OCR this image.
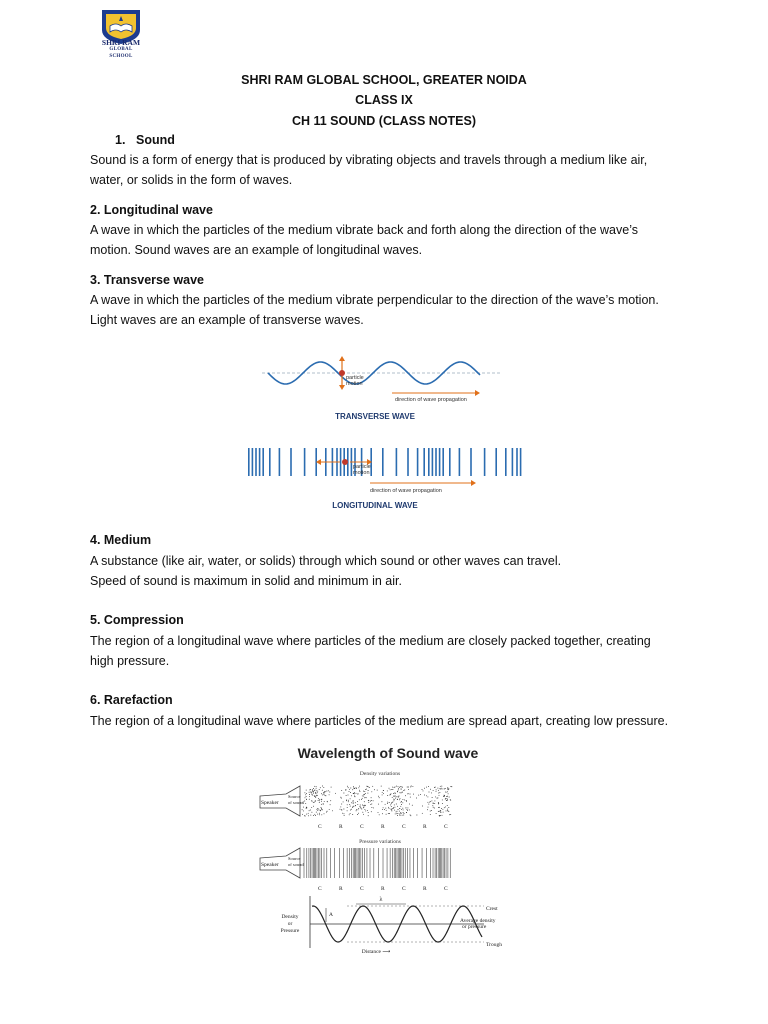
SHRI RAM
GLOBAL
SCHOOL
SHRI RAM GLOBAL SCHOOL, GREATER NOIDA
CLASS IX
CH 11 SOUND (CLASS NOTES)
1. Sound
Sound is a form of energy that is produced by vibrating objects and travels through a medium like air,
water, or solids in the form of waves.
2. Longitudinal wave
A wave in which the particles of the medium vibrate back and forth along the direction of the wave’s
motion. Sound waves are an example of longitudinal waves.
3. Transverse wave
A wave in which the particles of the medium vibrate perpendicular to the direction of the wave’s motion.
Light waves are an example of transverse waves.
particle
motion
direction of wave propagation
TRANSVERSE WAVE
particle
motion
direction of wave propagation
LONGITUDINAL WAVE
4. Medium
A substance (like air, water, or solids) through which sound or other waves can travel.
Speed of sound is maximum in solid and minimum in air.
5. Compression
The region of a longitudinal wave where particles of the medium are closely packed together, creating
high pressure.
6. Rarefaction
The region of a longitudinal wave where particles of the medium are spread apart, creating low pressure.
Wavelength of Sound wave
Density variations
Speaker
Source
of sound
C	R	C	R	C	R	C
Pressure variations
Speaker
Source
of sound
C	R	C	R	C	R	C
A
λ
Crest
Average density
or pressure
Trough
Density
or
Pressure
Distance ⟶
